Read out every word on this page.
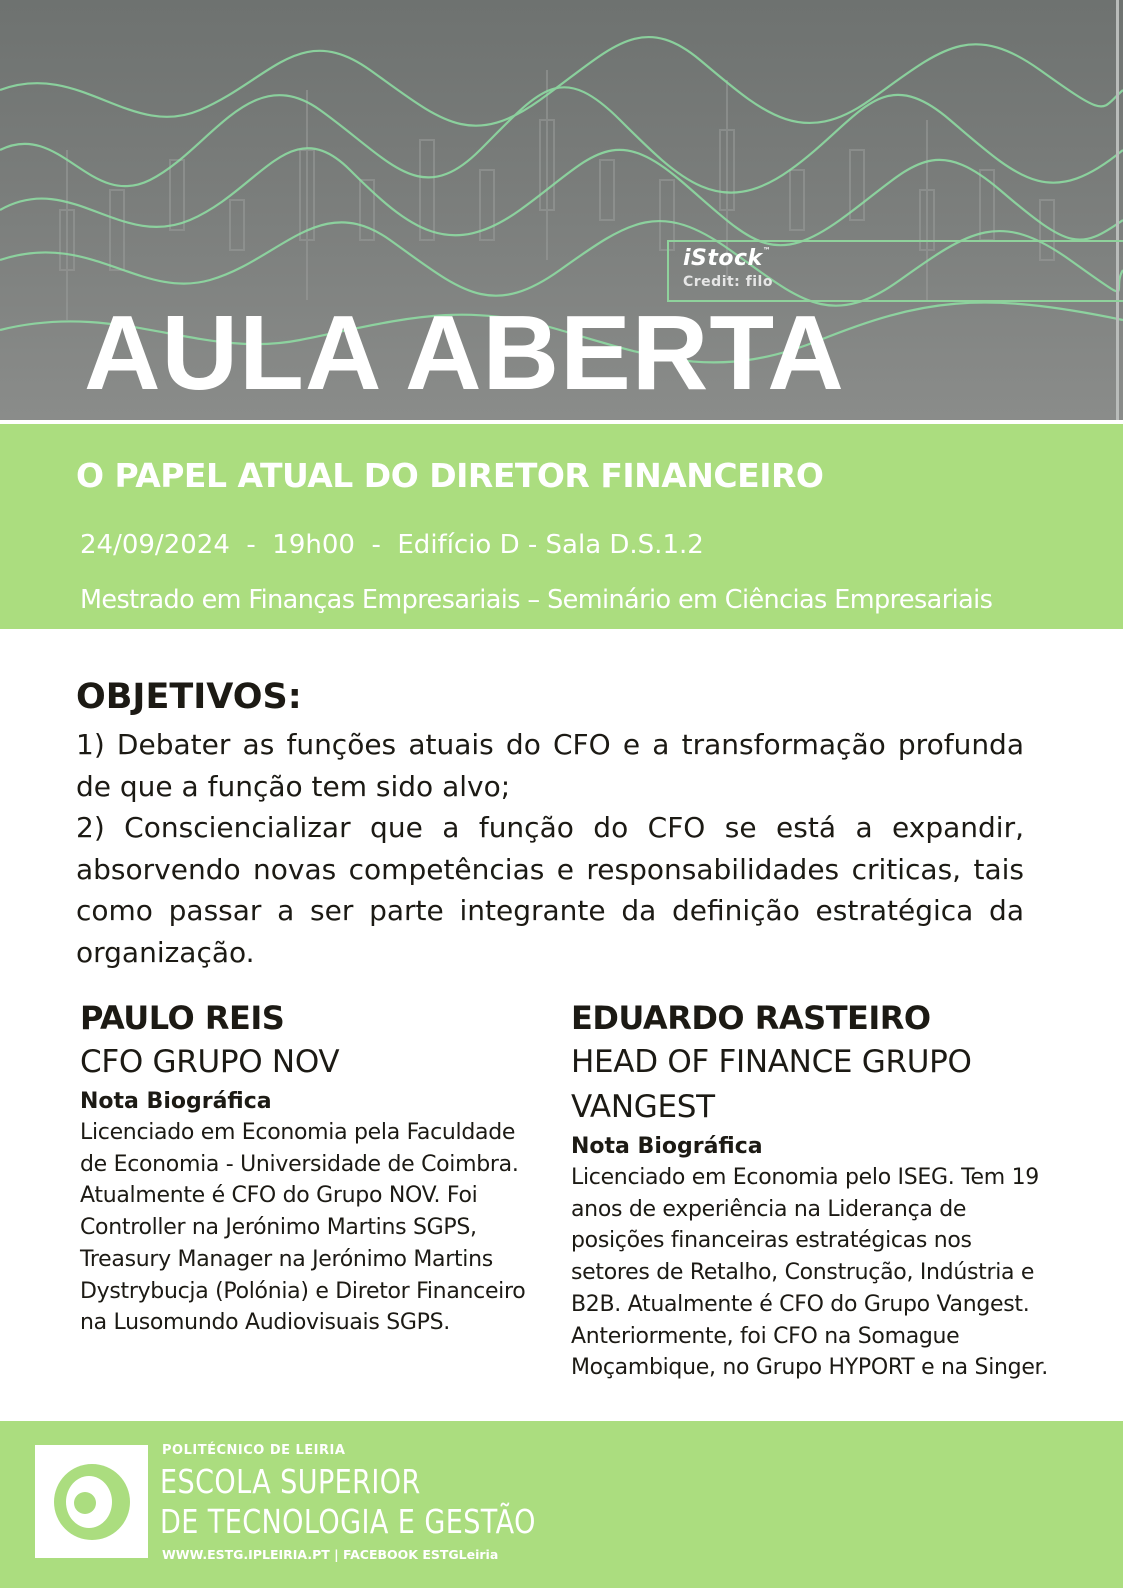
iStock™
Credit: filo
AULA ABERTA
O PAPEL ATUAL DO DIRETOR FINANCEIRO
24/09/2024  -  19h00  -  Edifício D - Sala D.S.1.2
Mestrado em Finanças Empresariais – Seminário em Ciências Empresariais
OBJETIVOS:

1) Debater as funções atuais do CFO e a transformação profunda de que a função tem sido alvo;

2) Consciencializar que a função do CFO se está a expandir, absorvendo novas competências e responsabilidades criticas, tais como passar a ser parte integrante da definição estratégica da organização.

PAULO REIS
CFO GRUPO NOV
Nota Biográfica
Licenciado em Economia pela Faculdade de Economia - Universidade de Coimbra. Atualmente é CFO do Grupo NOV. Foi Controller na Jerónimo Martins SGPS, Treasury Manager na Jerónimo Martins Dystrybucja (Polónia) e Diretor Financeiro na Lusomundo Audiovisuais SGPS.
EDUARDO RASTEIRO
HEAD OF FINANCE GRUPO VANGEST
Nota Biográfica
Licenciado em Economia pelo ISEG. Tem 19 anos de experiência na Liderança de posições financeiras estratégicas nos setores de Retalho, Construção, Indústria e B2B. Atualmente é CFO do Grupo Vangest. Anteriormente, foi CFO na Somague Moçambique, no Grupo HYPORT e na Singer.
POLITÉCNICO DE LEIRIA
ESCOLA SUPERIOR
DE TECNOLOGIA E GESTÃO
WWW.ESTG.IPLEIRIA.PT | FACEBOOK ESTGLeiria
